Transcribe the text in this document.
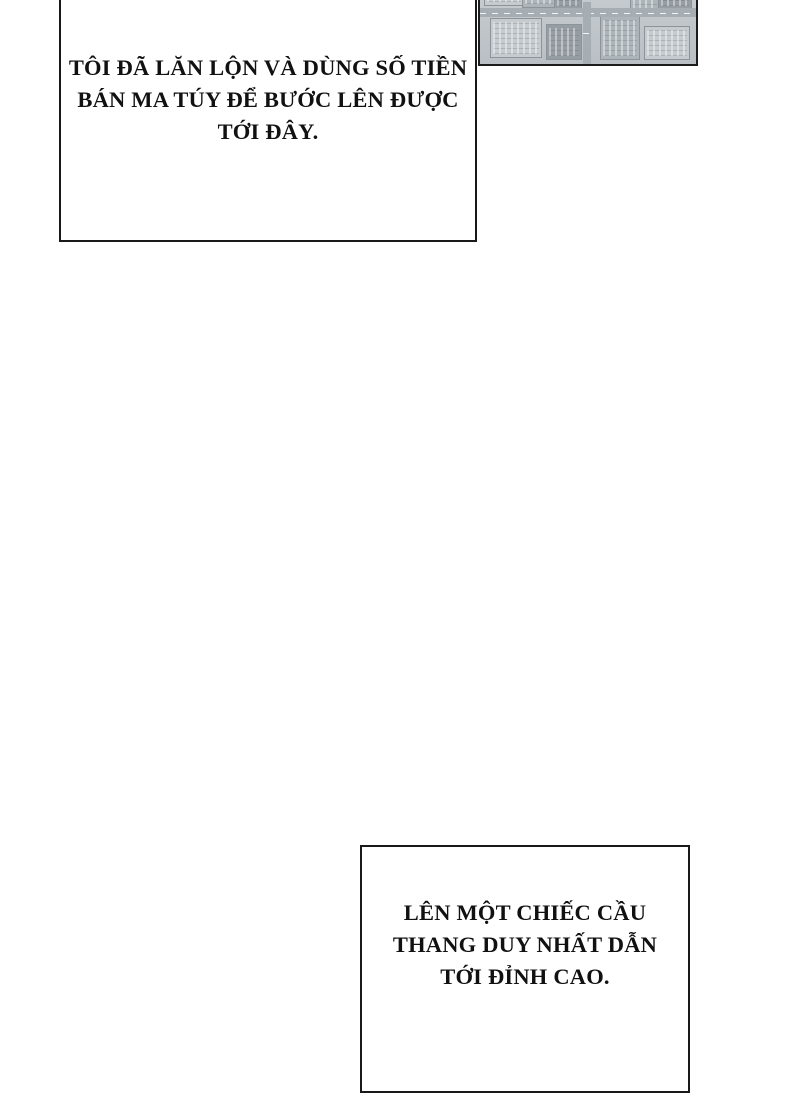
TÔI ĐÃ LĂN LỘN VÀ DÙNG SỐ TIỀN
BÁN MA TÚY ĐỂ BƯỚC LÊN ĐƯỢC
TỚI ĐÂY.
LÊN MỘT CHIẾC CẦU
THANG DUY NHẤT DẪN
TỚI ĐỈNH CAO.
